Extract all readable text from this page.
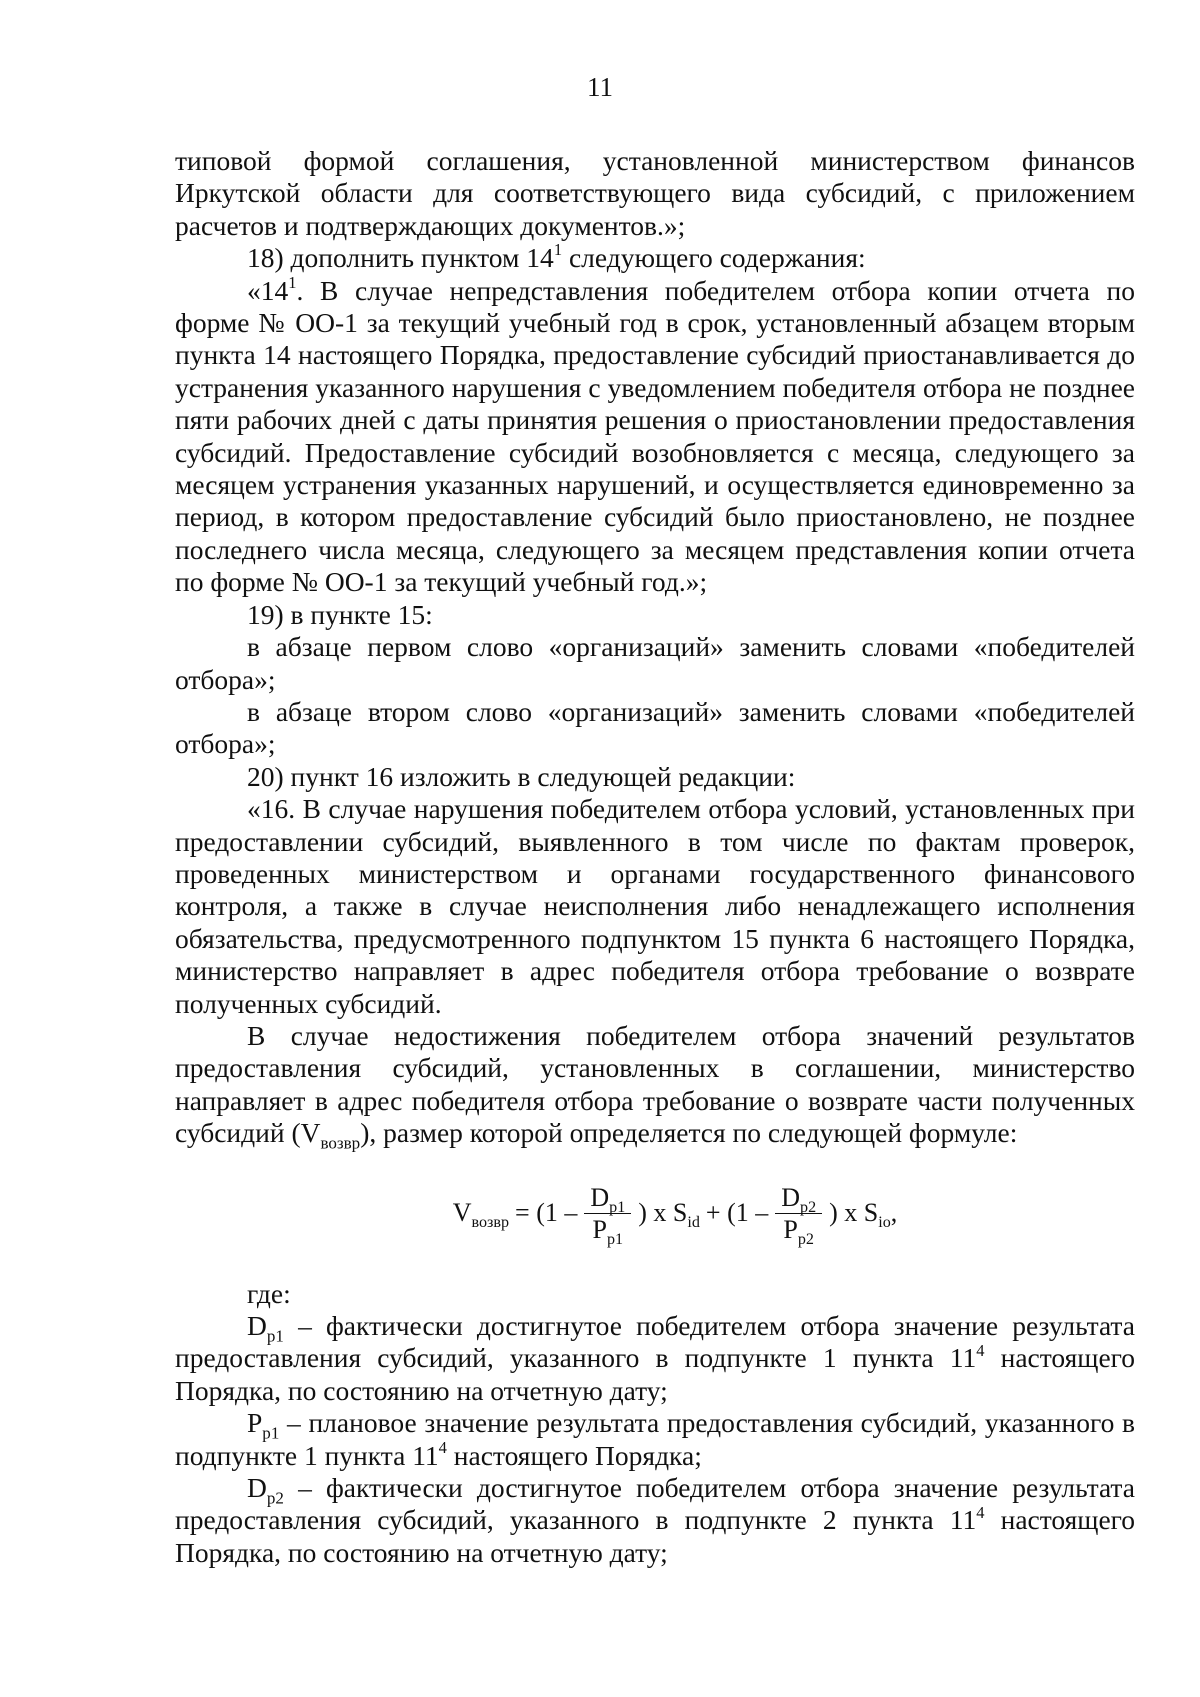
11

типовой формой соглашения, установленной министерством финансов Иркутской области для соответствующего вида субсидий, с приложением расчетов и подтверждающих документов.»;

18) дополнить пунктом $14^1$ следующего содержания:

«$14^1$. В случае непредставления победителем отбора копии отчета по форме № ОО-1 за текущий учебный год в срок, установленный абзацем вторым пункта 14 настоящего Порядка, предоставление субсидий приостанавливается до устранения указанного нарушения с уведомлением победителя отбора не позднее пяти рабочих дней с даты принятия решения о приостановлении предоставления субсидий. Предоставление субсидий возобновляется с месяца, следующего за месяцем устранения указанных нарушений, и осуществляется единовременно за период, в котором предоставление субсидий было приостановлено, не позднее последнего числа месяца, следующего за месяцем представления копии отчета по форме № ОО-1 за текущий учебный год.»;

19) в пункте 15:

в абзаце первом слово «организаций» заменить словами «победителей отбора»;

в абзаце втором слово «организаций» заменить словами «победителей отбора»;

20) пункт 16 изложить в следующей редакции:

«16. В случае нарушения победителем отбора условий, установленных при предоставлении субсидий, выявленного в том числе по фактам проверок, проведенных министерством и органами государственного финансового контроля, а также в случае неисполнения либо ненадлежащего исполнения обязательства, предусмотренного подпунктом 15 пункта 6 настоящего Порядка, министерство направляет в адрес победителя отбора требование о возврате полученных субсидий.

В случае недостижения победителем отбора значений результатов предоставления субсидий, установленных в соглашении, министерство направляет в адрес победителя отбора требование о возврате части полученных субсидий $(V_{возвр})$, размер которой определяется по следующей формуле:

$V_{возвр} = (1 - \frac{D_{p1}}{P_{p1}}$ ) x $S_{id} + (1 - \frac{D_{p2}}{P_{p2}}$ ) x $S_{io}$,

где:

$D_{p1}$ – фактически достигнутое победителем отбора значение результата предоставления субсидий, указанного в подпункте 1 пункта $11^4$ настоящего Порядка, по состоянию на отчетную дату;

$P_{p1}$ – плановое значение результата предоставления субсидий, указанного в подпункте 1 пункта $11^4$ настоящего Порядка;

$D_{p2}$ – фактически достигнутое победителем отбора значение результата предоставления субсидий, указанного в подпункте 2 пункта $11^4$ настоящего Порядка, по состоянию на отчетную дату;
